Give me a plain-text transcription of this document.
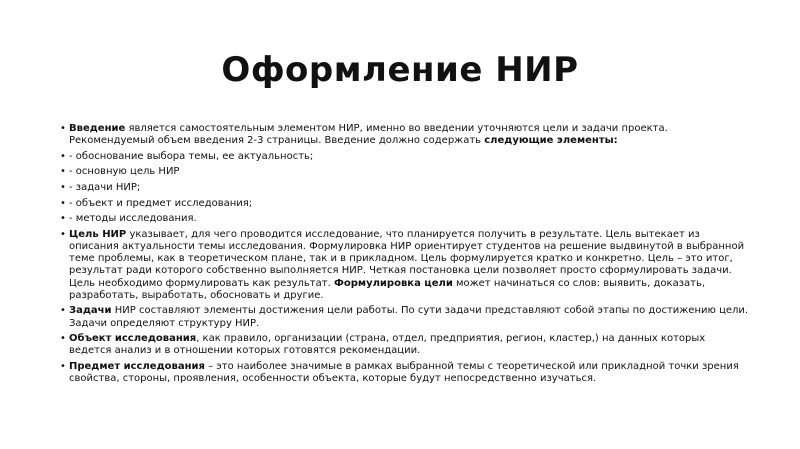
Оформление НИР
• Введение является самостоятельным элементом НИР, именно во введении уточняются цели и задачи проекта. Рекомендуемый объем введения 2-3 страницы. Введение должно содержать следующие элементы:
• - обоснование выбора темы, ее актуальность;
• - основную цель НИР
• - задачи НИР;
• - объект и предмет исследования;
• - методы исследования.
• Цель НИР указывает, для чего проводится исследование, что планируется получить в результате. Цель вытекает из описания актуальности темы исследования. Формулировка НИР ориентирует студентов на решение выдвинутой в выбранной теме проблемы, как в теоретическом плане, так и в прикладном. Цель формулируется кратко и конкретно. Цель – это итог, результат ради которого собственно выполняется НИР. Четкая постановка цели позволяет просто сформулировать задачи. Цель необходимо формулировать как результат. Формулировка цели может начинаться со слов: выявить, доказать, разработать, выработать, обосновать и другие.
• Задачи НИР составляют элементы достижения цели работы. По сути задачи представляют собой этапы по достижению цели. Задачи определяют структуру НИР.
• Объект исследования, как правило, организации (страна, отдел, предприятия, регион, кластер,) на данных которых ведется анализ и в отношении которых готовятся рекомендации.
• Предмет исследования – это наиболее значимые в рамках выбранной темы с теоретической или прикладной точки зрения свойства, стороны, проявления, особенности объекта, которые будут непосредственно изучаться.
